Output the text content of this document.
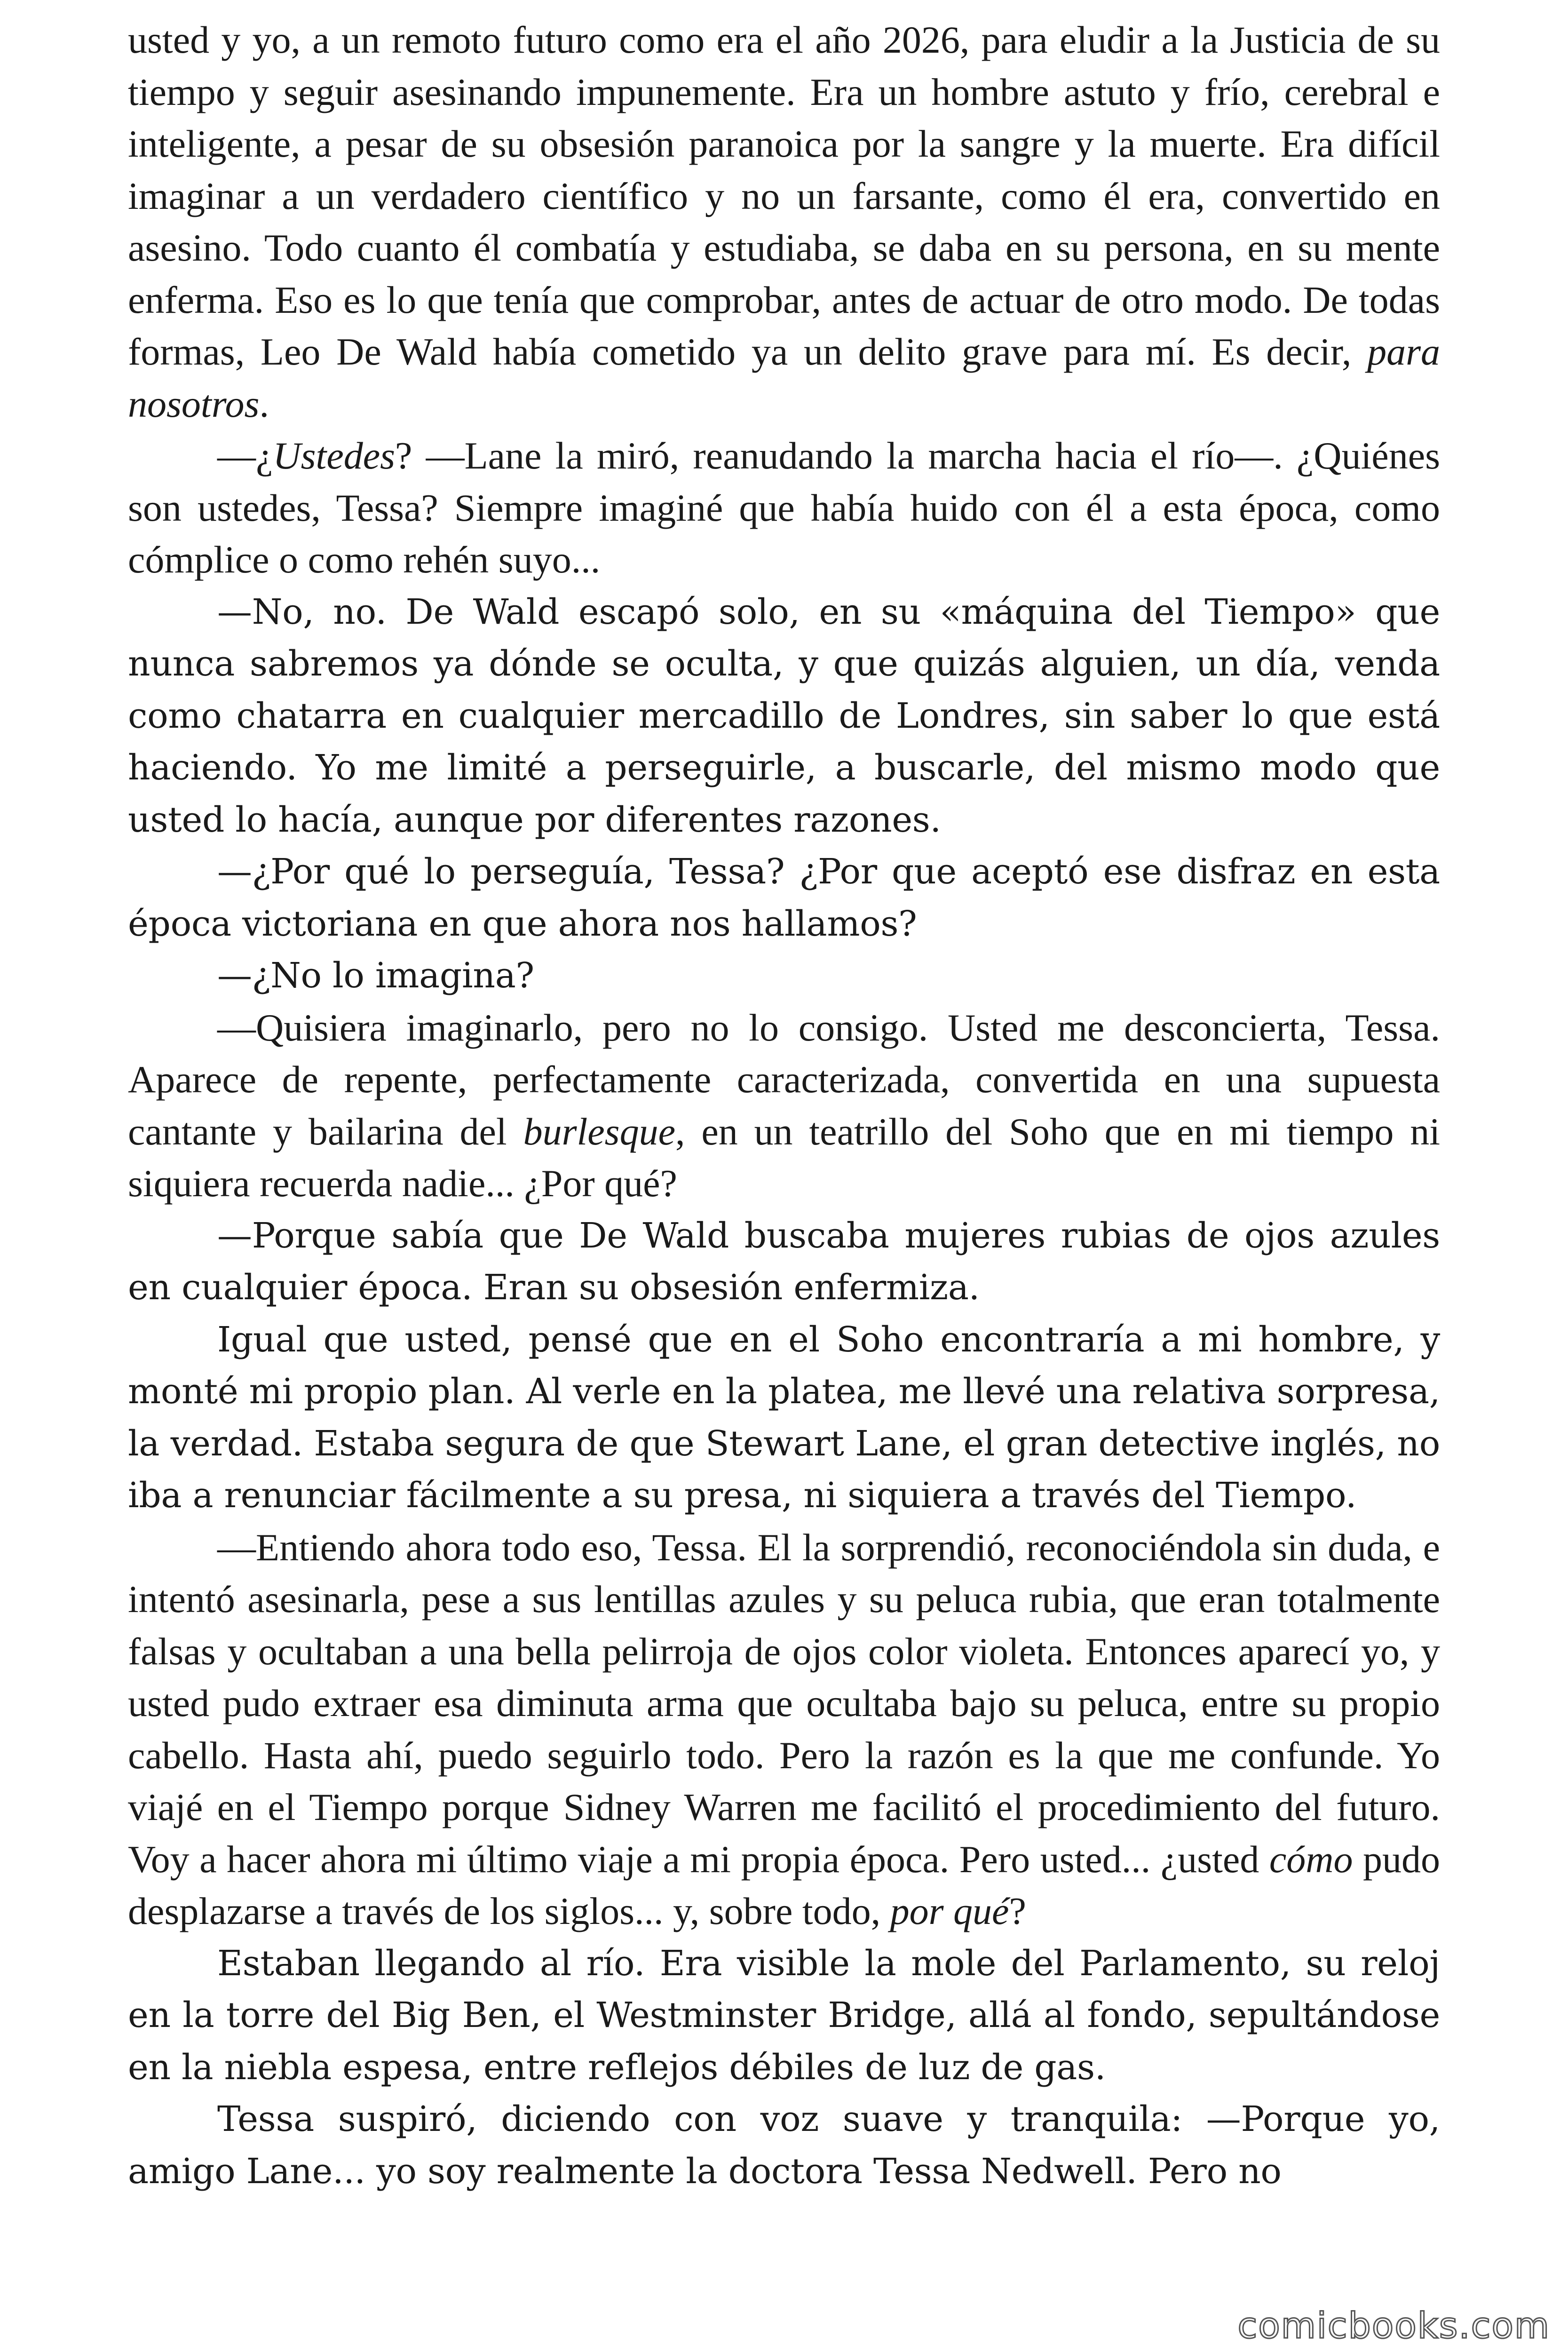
usted y yo, a un remoto futuro como era el año 2026, para eludir a la Justicia de su tiempo y seguir asesinando impunemente. Era un hombre astuto y frío, cerebral e inteligente, a pesar de su obsesión paranoica por la sangre y la muerte. Era difícil imaginar a un verdadero científico y no un farsante, como él era, convertido en asesino. Todo cuanto él combatía y estudiaba, se daba en su persona, en su mente enferma. Eso es lo que tenía que comprobar, antes de actuar de otro modo. De todas formas, Leo De Wald había cometido ya un delito grave para mí. Es decir, para nosotros.

—¿Ustedes? —Lane la miró, reanudando la marcha hacia el río—. ¿Quiénes son ustedes, Tessa? Siempre imaginé que había huido con él a esta época, como cómplice o como rehén suyo...

—No, no. De Wald escapó solo, en su «máquina del Tiempo» que nunca sabremos ya dónde se oculta, y que quizás alguien, un día, venda como chatarra en cualquier mercadillo de Londres, sin saber lo que está haciendo. Yo me limité a perseguirle, a buscarle, del mismo modo que usted lo hacía, aunque por diferentes razones.

—¿Por qué lo perseguía, Tessa? ¿Por que aceptó ese disfraz en esta época victoriana en que ahora nos hallamos?

—¿No lo imagina?

—Quisiera imaginarlo, pero no lo consigo. Usted me desconcierta, Tessa. Aparece de repente, perfectamente caracterizada, convertida en una supuesta cantante y bailarina del burlesque, en un teatrillo del Soho que en mi tiempo ni siquiera recuerda nadie... ¿Por qué?

—Porque sabía que De Wald buscaba mujeres rubias de ojos azules en cualquier época. Eran su obsesión enfermiza.

Igual que usted, pensé que en el Soho encontraría a mi hombre, y monté mi propio plan. Al verle en la platea, me llevé una relativa sorpresa, la verdad. Estaba segura de que Stewart Lane, el gran detective inglés, no iba a renunciar fácilmente a su presa, ni siquiera a través del Tiempo.

—Entiendo ahora todo eso, Tessa. El la sorprendió, reconociéndola sin duda, e intentó asesinarla, pese a sus lentillas azules y su peluca rubia, que eran totalmente falsas y ocultaban a una bella pelirroja de ojos color violeta. Entonces aparecí yo, y usted pudo extraer esa diminuta arma que ocultaba bajo su peluca, entre su propio cabello. Hasta ahí, puedo seguirlo todo. Pero la razón es la que me confunde. Yo viajé en el Tiempo porque Sidney Warren me facilitó el procedimiento del futuro. Voy a hacer ahora mi último viaje a mi propia época. Pero usted... ¿usted cómo pudo desplazarse a través de los siglos... y, sobre todo, por qué?

Estaban llegando al río. Era visible la mole del Parlamento, su reloj en la torre del Big Ben, el Westminster Bridge, allá al fondo, sepultándose en la niebla espesa, entre reflejos débiles de luz de gas.

Tessa suspiró, diciendo con voz suave y tranquila: —Porque yo, amigo Lane... yo soy realmente la doctora Tessa Nedwell. Pero no

comicbooks.com
